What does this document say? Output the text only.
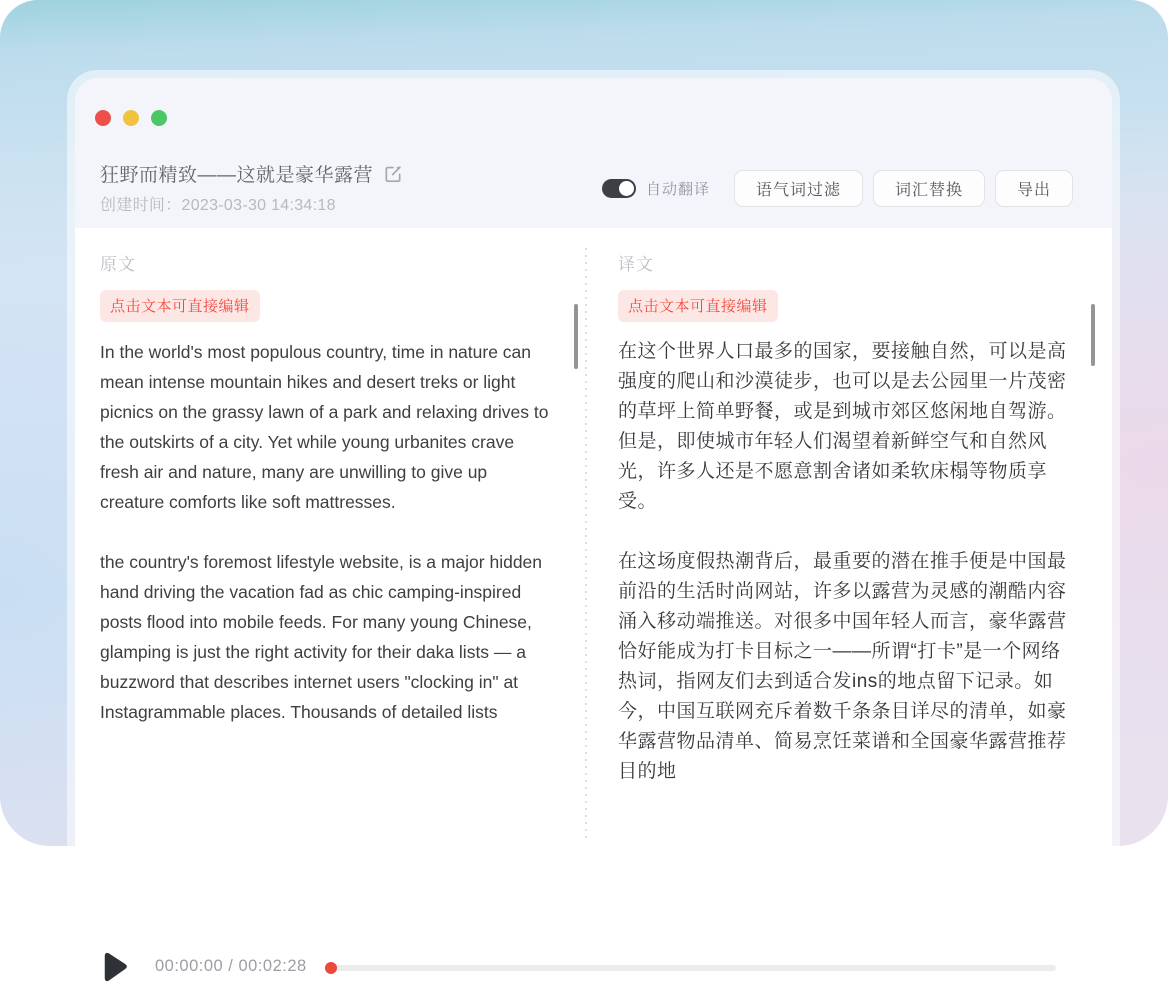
狂野而精致——这就是豪华露营
创建时间：2023-03-30 14:34:18
自动翻译	语气词过滤	词汇替换	导出
原文
点击文本可直接编辑

In the world's most populous country, time in nature can mean intense mountain hikes and desert treks or light picnics on the grassy lawn of a park and relaxing drives to the outskirts of a city. Yet while young urbanites crave fresh air and nature, many are unwilling to give up creature comforts like soft mattresses.

the country's foremost lifestyle website, is a major hidden hand driving the vacation fad as chic camping-inspired posts flood into mobile feeds. For many young Chinese, glamping is just the right activity for their daka lists — a buzzword that describes internet users "clocking in" at Instagrammable places. Thousands of detailed lists

译文
点击文本可直接编辑

在这个世界人口最多的国家，要接触自然，可以是高强度的爬山和沙漠徒步，也可以是去公园里一片茂密的草坪上简单野餐，或是到城市郊区悠闲地自驾游。但是，即使城市年轻人们渴望着新鲜空气和自然风光，许多人还是不愿意割舍诸如柔软床榻等物质享受。

在这场度假热潮背后，最重要的潜在推手便是中国最前沿的生活时尚网站，许多以露营为灵感的潮酷内容涌入移动端推送。对很多中国年轻人而言，豪华露营恰好能成为打卡目标之一——所谓“打卡”是一个网络热词，指网友们去到适合发ins的地点留下记录。如今，中国互联网充斥着数千条条目详尽的清单，如豪华露营物品清单、简易烹饪菜谱和全国豪华露营推荐目的地

00:00:00 / 00:02:28
